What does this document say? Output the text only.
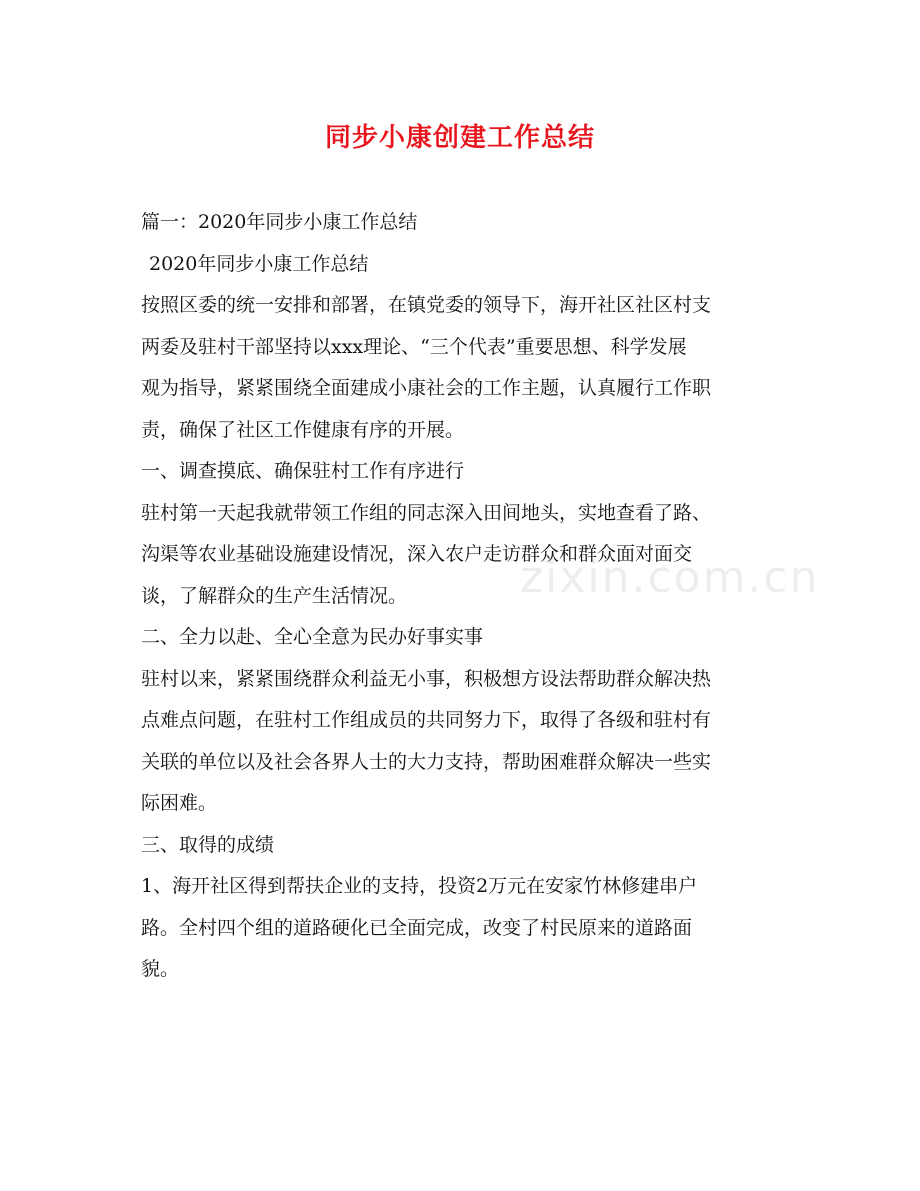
同步小康创建工作总结
zixin.com.cn
篇一：2020年同步小康工作总结
2020年同步小康工作总结
按照区委的统一安排和部署，在镇党委的领导下，海开社区社区村支
两委及驻村干部坚持以xxx理论、“三个代表”重要思想、科学发展
观为指导，紧紧围绕全面建成小康社会的工作主题，认真履行工作职
责，确保了社区工作健康有序的开展。
一、调查摸底、确保驻村工作有序进行
驻村第一天起我就带领工作组的同志深入田间地头，实地查看了路、
沟渠等农业基础设施建设情况，深入农户走访群众和群众面对面交
谈，了解群众的生产生活情况。
二、全力以赴、全心全意为民办好事实事
驻村以来，紧紧围绕群众利益无小事，积极想方设法帮助群众解决热
点难点问题，在驻村工作组成员的共同努力下，取得了各级和驻村有
关联的单位以及社会各界人士的大力支持，帮助困难群众解决一些实
际困难。
三、取得的成绩
1、海开社区得到帮扶企业的支持，投资2万元在安家竹林修建串户
路。全村四个组的道路硬化已全面完成，改变了村民原来的道路面
貌。
